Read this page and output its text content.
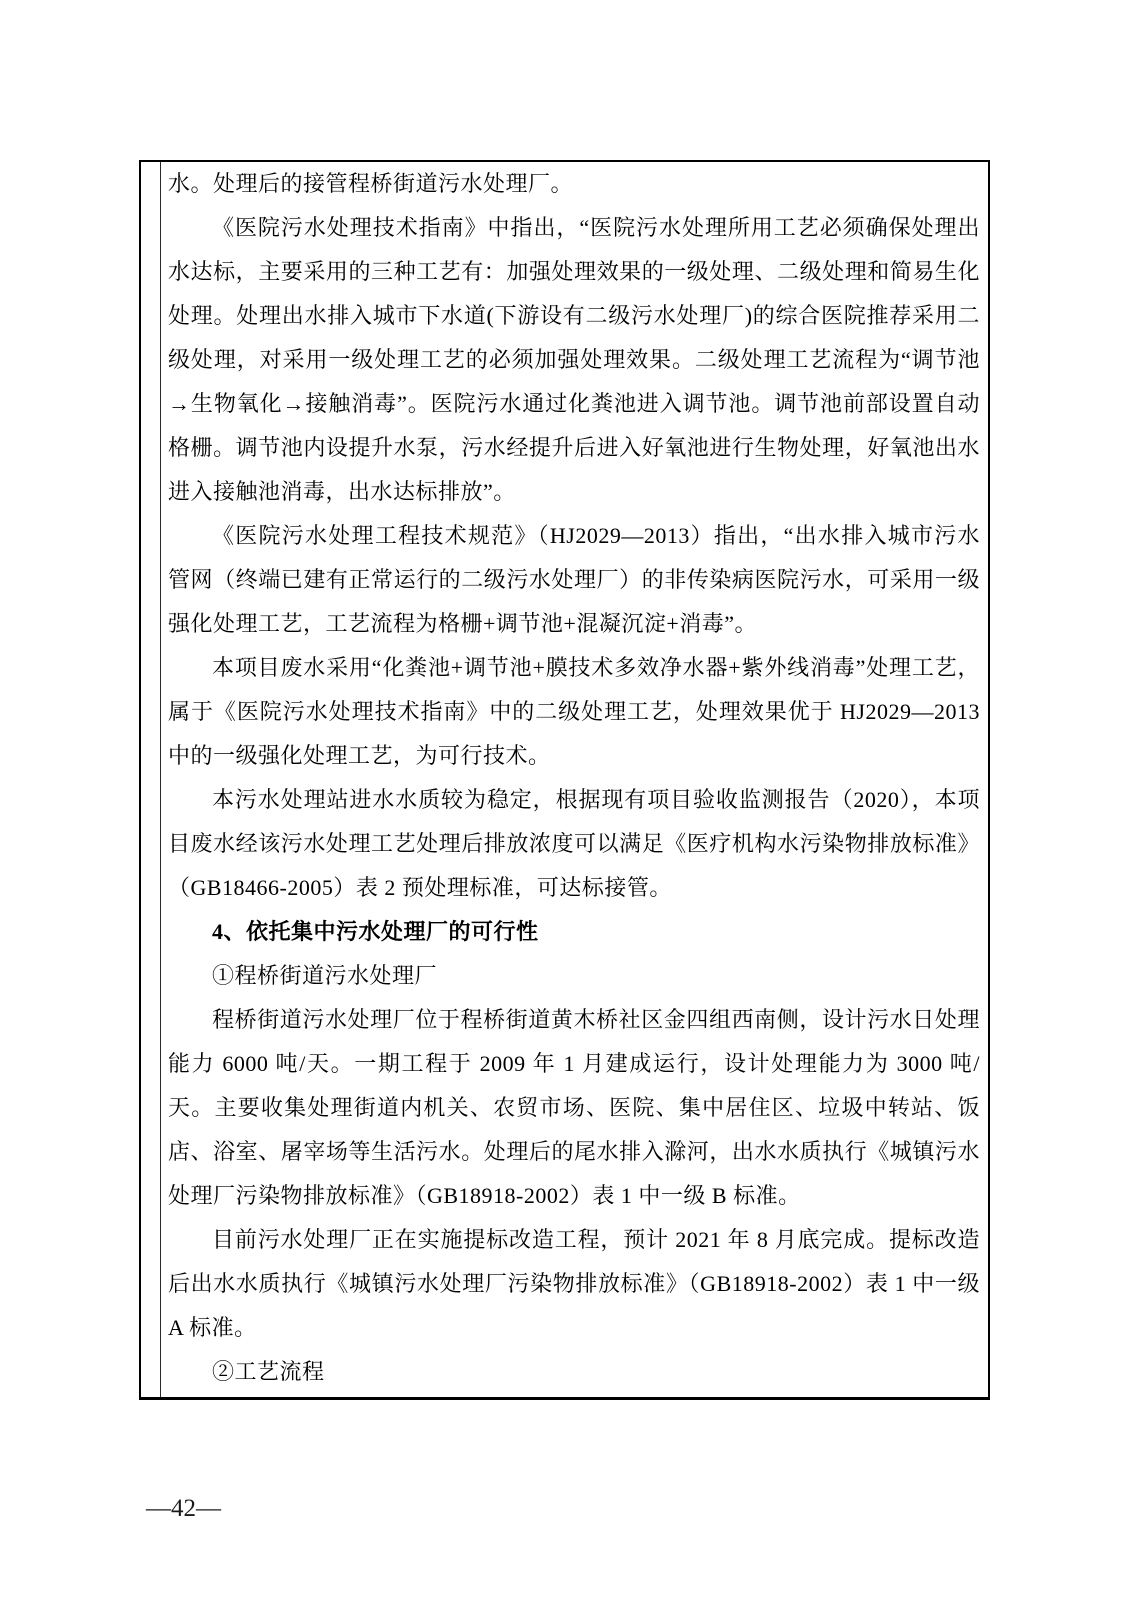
水。处理后的接管程桥街道污水处理厂。

《医院污水处理技术指南》中指出，“医院污水处理所用工艺必须确保处理出水达标，主要采用的三种工艺有：加强处理效果的一级处理、二级处理和简易生化处理。处理出水排入城市下水道(下游设有二级污水处理厂)的综合医院推荐采用二级处理，对采用一级处理工艺的必须加强处理效果。二级处理工艺流程为“调节池→生物氧化→接触消毒”。医院污水通过化粪池进入调节池。调节池前部设置自动格栅。调节池内设提升水泵，污水经提升后进入好氧池进行生物处理，好氧池出水进入接触池消毒，出水达标排放”。

《医院污水处理工程技术规范》（HJ2029—2013）指出，“出水排入城市污水管网（终端已建有正常运行的二级污水处理厂）的非传染病医院污水，可采用一级强化处理工艺，工艺流程为格栅+调节池+混凝沉淀+消毒”。

本项目废水采用“化粪池+调节池+膜技术多效净水器+紫外线消毒”处理工艺，属于《医院污水处理技术指南》中的二级处理工艺，处理效果优于 HJ2029—2013 中的一级强化处理工艺，为可行技术。

本污水处理站进水水质较为稳定，根据现有项目验收监测报告（2020），本项目废水经该污水处理工艺处理后排放浓度可以满足《医疗机构水污染物排放标准》（GB18466-2005）表 2 预处理标准，可达标接管。

4、依托集中污水处理厂的可行性

①程桥街道污水处理厂

程桥街道污水处理厂位于程桥街道黄木桥社区金四组西南侧，设计污水日处理能力 6000 吨/天。一期工程于 2009 年 1 月建成运行，设计处理能力为 3000 吨/天。主要收集处理街道内机关、农贸市场、医院、集中居住区、垃圾中转站、饭店、浴室、屠宰场等生活污水。处理后的尾水排入滁河，出水水质执行《城镇污水处理厂污染物排放标准》（GB18918-2002）表 1 中一级 B 标准。

目前污水处理厂正在实施提标改造工程，预计 2021 年 8 月底完成。提标改造后出水水质执行《城镇污水处理厂污染物排放标准》（GB18918-2002）表 1 中一级 A 标准。

②工艺流程

—42—
